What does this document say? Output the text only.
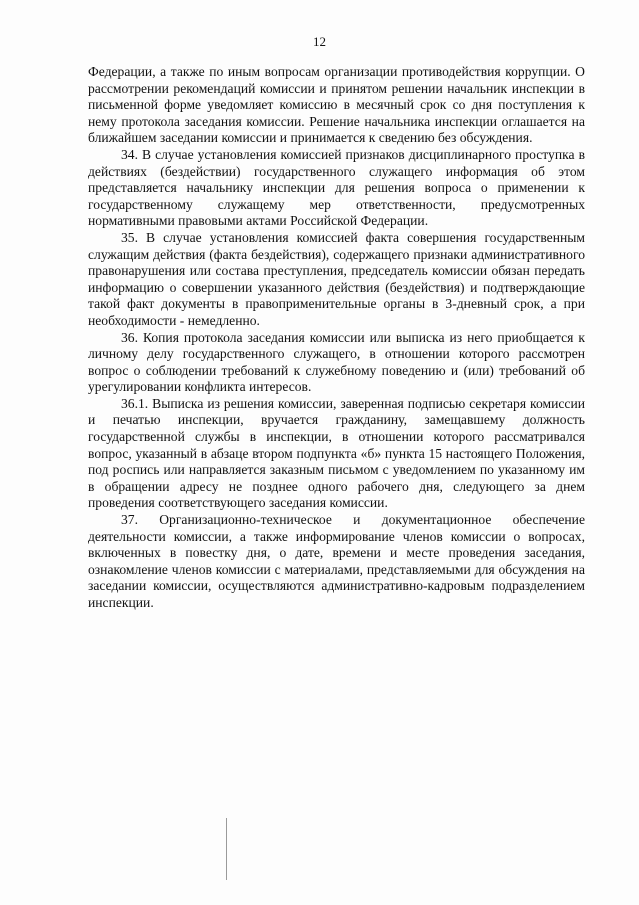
12

Федерации, а также по иным вопросам организации противодействия коррупции. О рассмотрении рекомендаций комиссии и принятом решении начальник инспекции в письменной форме уведомляет комиссию в месячный срок со дня поступления к нему протокола заседания комиссии. Решение начальника инспекции оглашается на ближайшем заседании комиссии и принимается к сведению без обсуждения.

34. В случае установления комиссией признаков дисциплинарного проступка в действиях (бездействии) государственного служащего информация об этом представляется начальнику инспекции для решения вопроса о применении к государственному служащему мер ответственности, предусмотренных нормативными правовыми актами Российской Федерации.

35. В случае установления комиссией факта совершения государственным служащим действия (факта бездействия), содержащего признаки административного правонарушения или состава преступления, председатель комиссии обязан передать информацию о совершении указанного действия (бездействия) и подтверждающие такой факт документы в правоприменительные органы в 3-дневный срок, а при необходимости - немедленно.

36. Копия протокола заседания комиссии или выписка из него приобщается к личному делу государственного служащего, в отношении которого рассмотрен вопрос о соблюдении требований к служебному поведению и (или) требований об урегулировании конфликта интересов.

36.1. Выписка из решения комиссии, заверенная подписью секретаря комиссии и печатью инспекции, вручается гражданину, замещавшему должность государственной службы в инспекции, в отношении которого рассматривался вопрос, указанный в абзаце втором подпункта «б» пункта 15 настоящего Положения, под роспись или направляется заказным письмом с уведомлением по указанному им в обращении адресу не позднее одного рабочего дня, следующего за днем проведения соответствующего заседания комиссии.

37. Организационно-техническое и документационное обеспечение деятельности комиссии, а также информирование членов комиссии о вопросах, включенных в повестку дня, о дате, времени и месте проведения заседания, ознакомление членов комиссии с материалами, представляемыми для обсуждения на заседании комиссии, осуществляются административно-кадровым подразделением инспекции.
